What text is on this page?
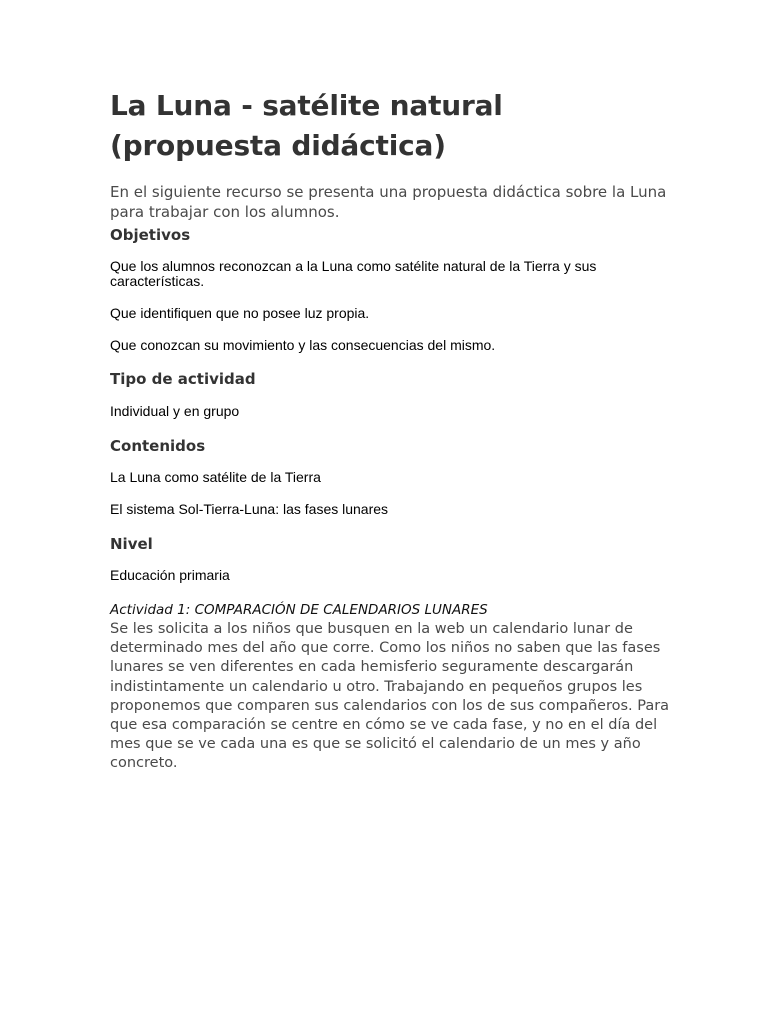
La Luna - satélite natural (propuesta didáctica)

En el siguiente recurso se presenta una propuesta didáctica sobre la Luna para trabajar con los alumnos.

Objetivos

Que los alumnos reconozcan a la Luna como satélite natural de la Tierra y sus características.

Que identifiquen que no posee luz propia.

Que conozcan su movimiento y las consecuencias del mismo.

Tipo de actividad

Individual y en grupo

Contenidos

La Luna como satélite de la Tierra

El sistema Sol-Tierra-Luna: las fases lunares

Nivel

Educación primaria

Actividad 1: COMPARACIÓN DE CALENDARIOS LUNARES

Se les solicita a los niños que busquen en la web un calendario lunar de determinado mes del año que corre. Como los niños no saben que las fases lunares se ven diferentes en cada hemisferio seguramente descargarán indistintamente un calendario u otro. Trabajando en pequeños grupos les proponemos que comparen sus calendarios con los de sus compañeros. Para que esa comparación se centre en cómo se ve cada fase, y no en el día del mes que se ve cada una es que se solicitó el calendario de un mes y año concreto.
